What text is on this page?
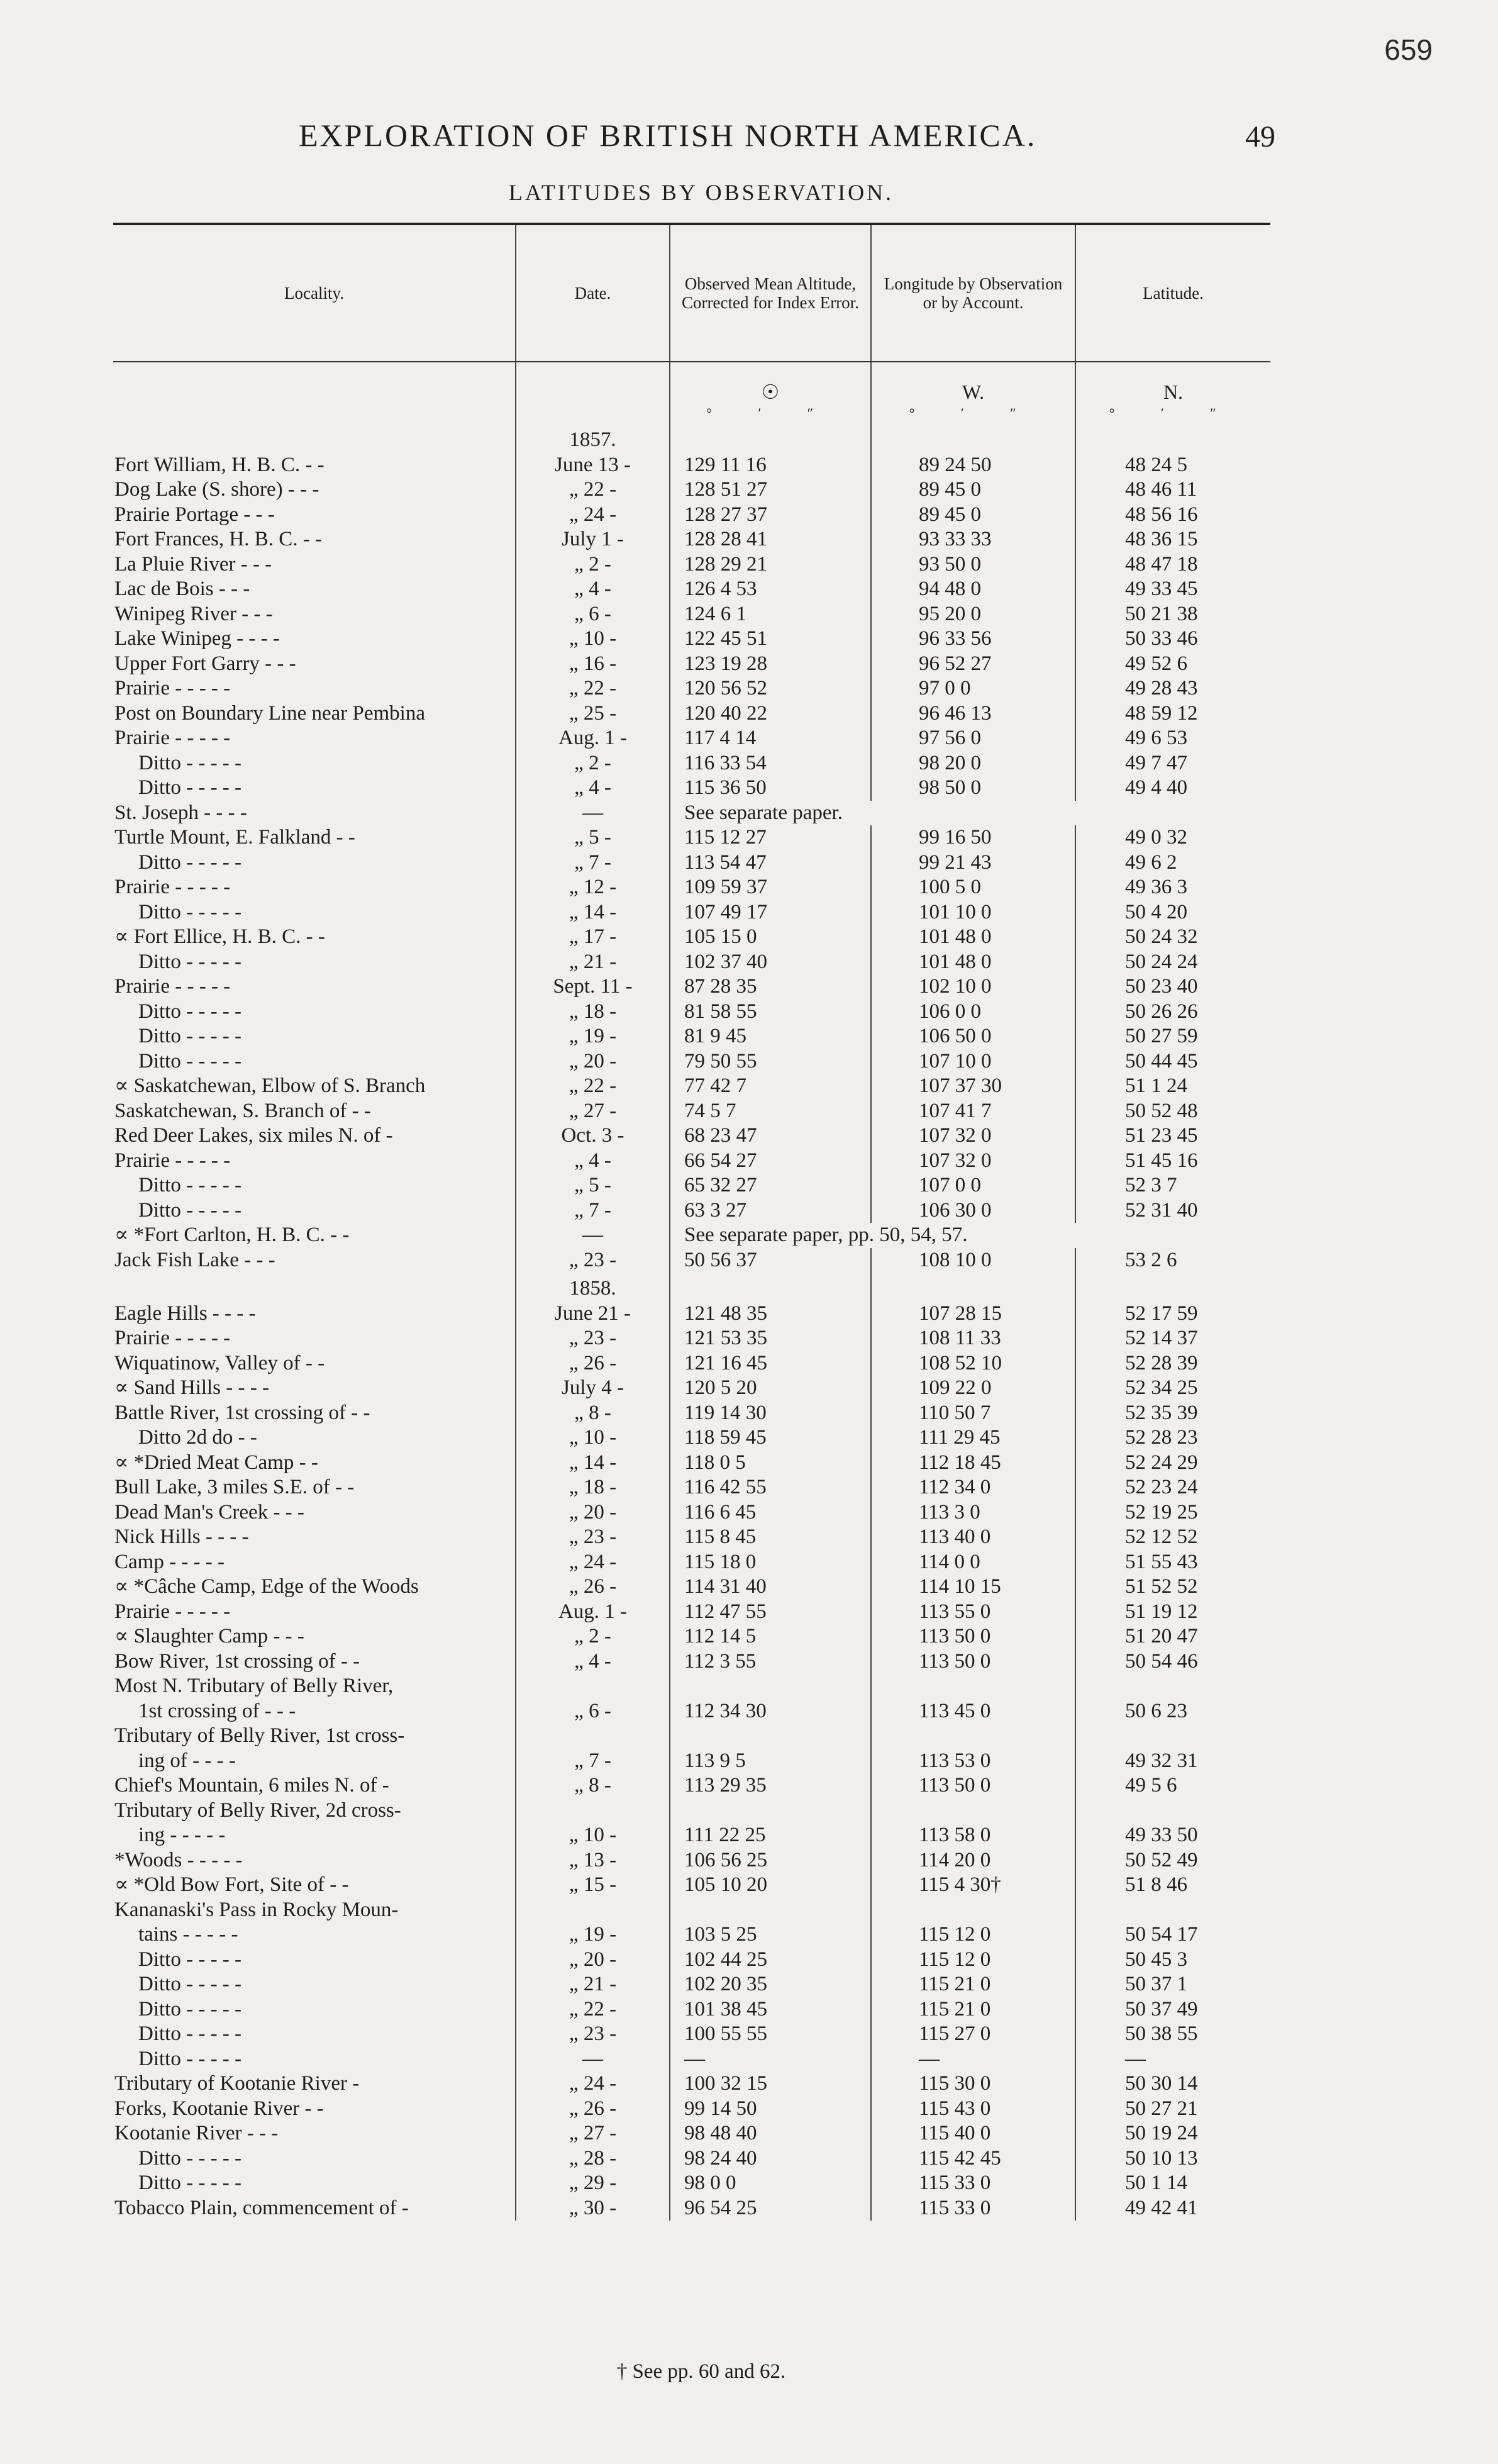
659
EXPLORATION OF BRITISH NORTH AMERICA.	49
LATITUDES BY OBSERVATION.
Locality.	Date.	Observed Mean Altitude, Corrected for Index Error.	Longitude by Observation or by Account.	Latitude.

		☉	W.	N.
		° ′ ″	° ′ ″	° ′ ″
	1857.			
Fort William, H. B. C. - -	June 13 -	129 11 16	89 24 50	48 24 5
Dog Lake (S. shore) - - -	„ 22 -	128 51 27	89 45 0	48 46 11
Prairie Portage - - -	„ 24 -	128 27 37	89 45 0	48 56 16
Fort Frances, H. B. C. - -	July 1 -	128 28 41	93 33 33	48 36 15
La Pluie River - - -	„ 2 -	128 29 21	93 50 0	48 47 18
Lac de Bois - - -	„ 4 -	126 4 53	94 48 0	49 33 45
Winipeg River - - -	„ 6 -	124 6 1	95 20 0	50 21 38
Lake Winipeg - - - -	„ 10 -	122 45 51	96 33 56	50 33 46
Upper Fort Garry - - -	„ 16 -	123 19 28	96 52 27	49 52 6
Prairie - - - - -	„ 22 -	120 56 52	97 0 0	49 28 43
Post on Boundary Line near Pembina	„ 25 -	120 40 22	96 46 13	48 59 12
Prairie - - - - -	Aug. 1 -	117 4 14	97 56 0	49 6 53
Ditto - - - - -	„ 2 -	116 33 54	98 20 0	49 7 47
Ditto - - - - -	„ 4 -	115 36 50	98 50 0	49 4 40
St. Joseph - - - -	—	See separate paper.		
Turtle Mount, E. Falkland - -	„ 5 -	115 12 27	99 16 50	49 0 32
Ditto - - - - -	„ 7 -	113 54 47	99 21 43	49 6 2
Prairie - - - - -	„ 12 -	109 59 37	100 5 0	49 36 3
Ditto - - - - -	„ 14 -	107 49 17	101 10 0	50 4 20
∝ Fort Ellice, H. B. C. - -	„ 17 -	105 15 0	101 48 0	50 24 32
Ditto - - - - -	„ 21 -	102 37 40	101 48 0	50 24 24
Prairie - - - - -	Sept. 11 -	87 28 35	102 10 0	50 23 40
Ditto - - - - -	„ 18 -	81 58 55	106 0 0	50 26 26
Ditto - - - - -	„ 19 -	81 9 45	106 50 0	50 27 59
Ditto - - - - -	„ 20 -	79 50 55	107 10 0	50 44 45
∝ Saskatchewan, Elbow of S. Branch	„ 22 -	77 42 7	107 37 30	51 1 24
Saskatchewan, S. Branch of - -	„ 27 -	74 5 7	107 41 7	50 52 48
Red Deer Lakes, six miles N. of -	Oct. 3 -	68 23 47	107 32 0	51 23 45
Prairie - - - - -	„ 4 -	66 54 27	107 32 0	51 45 16
Ditto - - - - -	„ 5 -	65 32 27	107 0 0	52 3 7
Ditto - - - - -	„ 7 -	63 3 27	106 30 0	52 31 40
∝ *Fort Carlton, H. B. C. - -	—	See separate paper, pp. 50, 54, 57.		
Jack Fish Lake - - -	„ 23 -	50 56 37	108 10 0	53 2 6
	1858.			
Eagle Hills - - - -	June 21 -	121 48 35	107 28 15	52 17 59
Prairie - - - - -	„ 23 -	121 53 35	108 11 33	52 14 37
Wiquatinow, Valley of - -	„ 26 -	121 16 45	108 52 10	52 28 39
∝ Sand Hills - - - -	July 4 -	120 5 20	109 22 0	52 34 25
Battle River, 1st crossing of - -	„ 8 -	119 14 30	110 50 7	52 35 39
Ditto 2d do - -	„ 10 -	118 59 45	111 29 45	52 28 23
∝ *Dried Meat Camp - -	„ 14 -	118 0 5	112 18 45	52 24 29
Bull Lake, 3 miles S.E. of - -	„ 18 -	116 42 55	112 34 0	52 23 24
Dead Man's Creek - - -	„ 20 -	116 6 45	113 3 0	52 19 25
Nick Hills - - - -	„ 23 -	115 8 45	113 40 0	52 12 52
Camp - - - - -	„ 24 -	115 18 0	114 0 0	51 55 43
∝ *Câche Camp, Edge of the Woods	„ 26 -	114 31 40	114 10 15	51 52 52
Prairie - - - - -	Aug. 1 -	112 47 55	113 55 0	51 19 12
∝ Slaughter Camp - - -	„ 2 -	112 14 5	113 50 0	51 20 47
Bow River, 1st crossing of - -	„ 4 -	112 3 55	113 50 0	50 54 46
Most N. Tributary of Belly River,				
1st crossing of - - -	„ 6 -	112 34 30	113 45 0	50 6 23
Tributary of Belly River, 1st cross-				
ing of - - - -	„ 7 -	113 9 5	113 53 0	49 32 31
Chief's Mountain, 6 miles N. of -	„ 8 -	113 29 35	113 50 0	49 5 6
Tributary of Belly River, 2d cross-				
ing - - - - -	„ 10 -	111 22 25	113 58 0	49 33 50
*Woods - - - - -	„ 13 -	106 56 25	114 20 0	50 52 49
∝ *Old Bow Fort, Site of - -	„ 15 -	105 10 20	115 4 30†	51 8 46
Kananaski's Pass in Rocky Moun-				
tains - - - - -	„ 19 -	103 5 25	115 12 0	50 54 17
Ditto - - - - -	„ 20 -	102 44 25	115 12 0	50 45 3
Ditto - - - - -	„ 21 -	102 20 35	115 21 0	50 37 1
Ditto - - - - -	„ 22 -	101 38 45	115 21 0	50 37 49
Ditto - - - - -	„ 23 -	100 55 55	115 27 0	50 38 55
Ditto - - - - -	—	—	—	—
Tributary of Kootanie River -	„ 24 -	100 32 15	115 30 0	50 30 14
Forks, Kootanie River - -	„ 26 -	99 14 50	115 43 0	50 27 21
Kootanie River - - -	„ 27 -	98 48 40	115 40 0	50 19 24
Ditto - - - - -	„ 28 -	98 24 40	115 42 45	50 10 13
Ditto - - - - -	„ 29 -	98 0 0	115 33 0	50 1 14
Tobacco Plain, commencement of -	„ 30 -	96 54 25	115 33 0	49 42 41
† See pp. 60 and 62.
